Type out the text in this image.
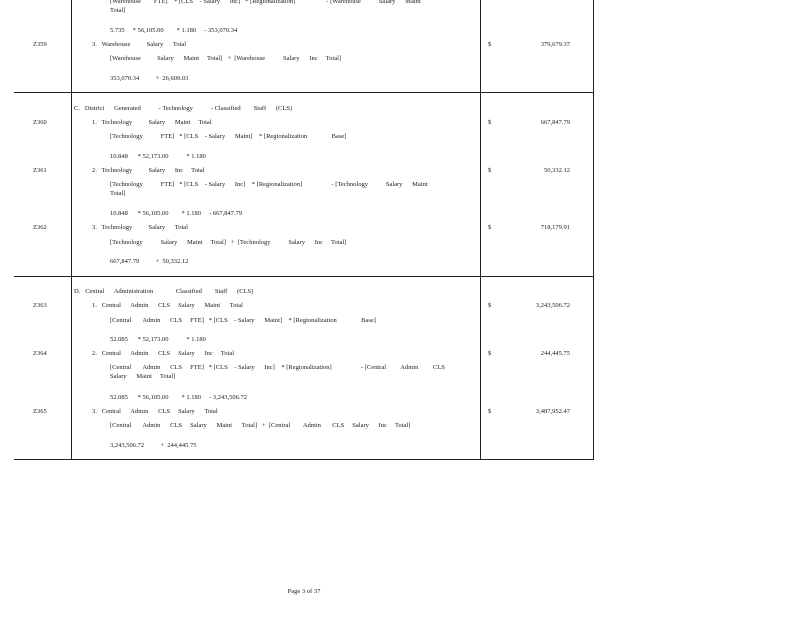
[Warehouse        FTE]    * [CLS    - Salary      Inc]   * [Regionalization]                   - [Warehouse           Salary      Maint
Total]
5.735     * 56,105.00        * 1.180     - 353,070.34
Z359	3.   Warehouse          Salary      Total
[Warehouse          Salary      Maint     Total]   +  [Warehouse           Salary      Inc     Total]
353,070.34          +  26,609.03
$	379,679.37
C.   District      Generated           - Technology           - Classified        Staff      (CLS)
Z360	1.   Technology          Salary      Maint     Total
[Technology           FTE]   * [CLS    - Salary      Maint]    * [Regionalization               Base]
10.848      * 52,173.00           * 1.180
$	667,847.79
Z361	2.   Technology          Salary      Inc     Total
[Technology           FTE]   * [CLS    - Salary      Inc]    * [Regionalization]                  - [Technology           Salary      Maint
Total]
10.848      * 56,105.00        * 1.180     - 667,847.79
$	50,332.12
Z362	3.   Technology          Salary      Total
[Technology           Salary      Maint     Total]   +  [Technology           Salary      Inc     Total]
667,847.79          +  50,332.12
$	718,179.91
D.   Central      Administration              Classified        Staff      (CLS)
Z363	1.   Central      Admin      CLS     Salary      Maint      Total
[Central       Admin      CLS     FTE]   * [CLS    - Salary      Maint]    * [Regionalization               Base]
52.085      * 52,173.00           * 1.180
$	3,243,506.72
Z364	2.   Central      Admin      CLS     Salary      Inc     Total
[Central       Admin      CLS     FTE]   * [CLS    - Salary      Inc]    * [Regionalization]                  - [Central         Admin         CLS
Salary      Maint     Total]
52.085      * 56,105.00        * 1.180     - 3,243,506.72
$	244,445.75
Z365	3.   Central      Admin      CLS     Salary      Total
[Central       Admin      CLS     Salary      Maint      Total]   +  [Central        Admin       CLS     Salary      Inc     Total]
3,243,506.72          +  244,445.75
$	3,487,952.47
Page 3 of 37
